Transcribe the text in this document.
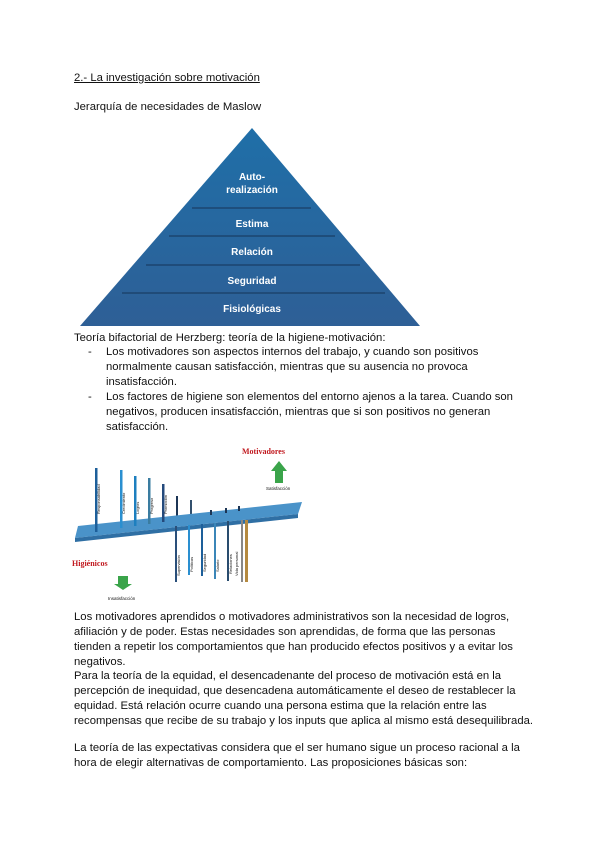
2.- La investigación sobre motivación

Jerarquía de necesidades de Maslow

Auto-
realización
Estima
Relación
Seguridad
Fisiológicas

Teoría bifactorial de Herzberg: teoría de la higiene-motivación:

- Los motivadores son aspectos internos del trabajo, y cuando son positivos normalmente causan satisfacción, mientras que su ausencia no provoca insatisfacción.
- Los factores de higiene son elementos del entorno ajenos a la tarea. Cuando son negativos, producen insatisfacción, mientras que si son positivos no generan satisfacción.
Responsabilidad	Crecimiento Logros Progreso Promoción
Supervisión Políticas Seguridad Salario Relaciones Vida personal
Motivadores
Satisfacción
Higiénicos
Insatisfacción

Los motivadores aprendidos o motivadores administrativos son la necesidad de logros, afiliación y de poder. Estas necesidades son aprendidas, de forma que las personas tienden a repetir los comportamientos que han producido efectos positivos y a evitar los negativos.

Para la teoría de la equidad, el desencadenante del proceso de motivación está en la percepción de inequidad, que desencadena automáticamente el deseo de restablecer la equidad. Está relación ocurre cuando una persona estima que la relación entre las recompensas que recibe de su trabajo y los inputs que aplica al mismo está desequilibrada.

La teoría de las expectativas considera que el ser humano sigue un proceso racional a la hora de elegir alternativas de comportamiento. Las proposiciones básicas son:
